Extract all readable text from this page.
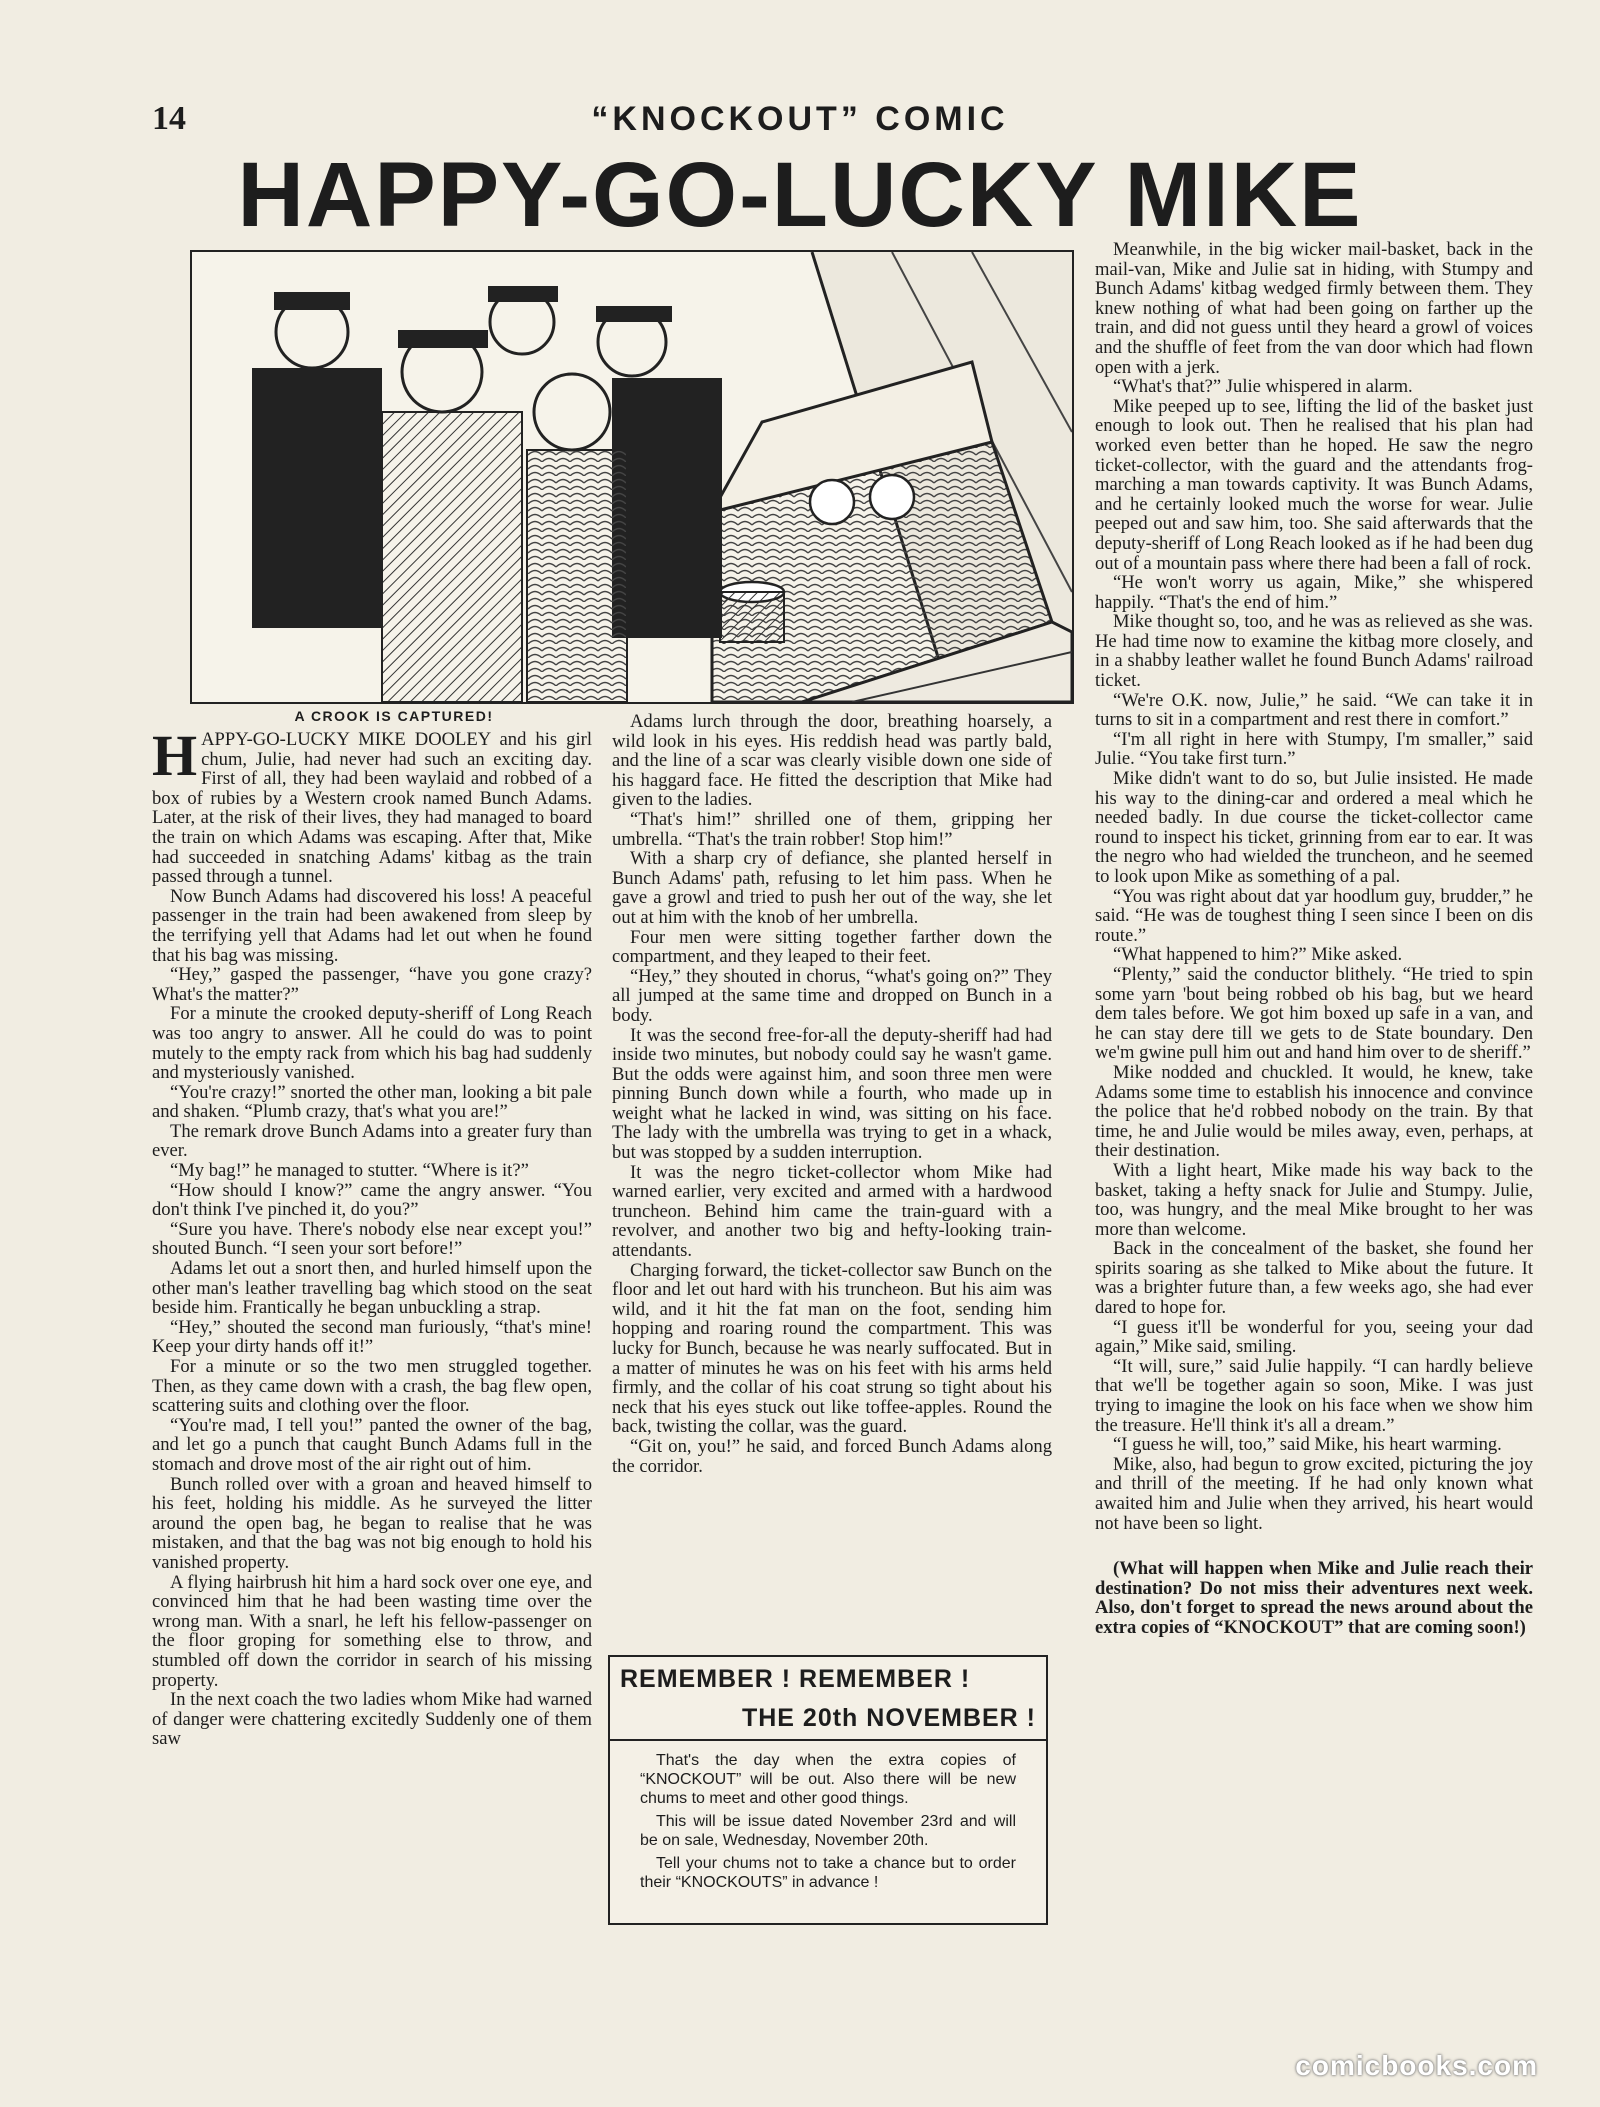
14	“KNOCKOUT” COMIC
HAPPY-GO-LUCKY MIKE
A CROOK IS CAPTURED!

HAPPY-GO-LUCKY MIKE DOOLEY and his girl chum, Julie, had never had such an exciting day. First of all, they had been waylaid and robbed of a box of rubies by a Western crook named Bunch Adams. Later, at the risk of their lives, they had managed to board the train on which Adams was escaping. After that, Mike had succeeded in snatching Adams' kitbag as the train passed through a tunnel.

Now Bunch Adams had discovered his loss! A peaceful passenger in the train had been awakened from sleep by the terrifying yell that Adams had let out when he found that his bag was missing.

“Hey,” gasped the passenger, “have you gone crazy? What's the matter?”

For a minute the crooked deputy-sheriff of Long Reach was too angry to answer. All he could do was to point mutely to the empty rack from which his bag had suddenly and mysteriously vanished.

“You're crazy!” snorted the other man, looking a bit pale and shaken. “Plumb crazy, that's what you are!”

The remark drove Bunch Adams into a greater fury than ever.

“My bag!” he managed to stutter. “Where is it?”

“How should I know?” came the angry answer. “You don't think I've pinched it, do you?”

“Sure you have. There's nobody else near except you!” shouted Bunch. “I seen your sort before!”

Adams let out a snort then, and hurled himself upon the other man's leather travelling bag which stood on the seat beside him. Frantically he began unbuckling a strap.

“Hey,” shouted the second man furiously, “that's mine! Keep your dirty hands off it!”

For a minute or so the two men struggled together. Then, as they came down with a crash, the bag flew open, scattering suits and clothing over the floor.

“You're mad, I tell you!” panted the owner of the bag, and let go a punch that caught Bunch Adams full in the stomach and drove most of the air right out of him.

Bunch rolled over with a groan and heaved himself to his feet, holding his middle. As he surveyed the litter around the open bag, he began to realise that he was mistaken, and that the bag was not big enough to hold his vanished property.

A flying hairbrush hit him a hard sock over one eye, and convinced him that he had been wasting time over the wrong man. With a snarl, he left his fellow-passenger on the floor groping for something else to throw, and stumbled off down the corridor in search of his missing property.

In the next coach the two ladies whom Mike had warned of danger were chattering excitedly Suddenly one of them saw

Adams lurch through the door, breathing hoarsely, a wild look in his eyes. His reddish head was partly bald, and the line of a scar was clearly visible down one side of his haggard face. He fitted the description that Mike had given to the ladies.

“That's him!” shrilled one of them, gripping her umbrella. “That's the train robber! Stop him!”

With a sharp cry of defiance, she planted herself in Bunch Adams' path, refusing to let him pass. When he gave a growl and tried to push her out of the way, she let out at him with the knob of her umbrella.

Four men were sitting together farther down the compartment, and they leaped to their feet.

“Hey,” they shouted in chorus, “what's going on?” They all jumped at the same time and dropped on Bunch in a body.

It was the second free-for-all the deputy-sheriff had had inside two minutes, but nobody could say he wasn't game. But the odds were against him, and soon three men were pinning Bunch down while a fourth, who made up in weight what he lacked in wind, was sitting on his face. The lady with the umbrella was trying to get in a whack, but was stopped by a sudden interruption.

It was the negro ticket-collector whom Mike had warned earlier, very excited and armed with a hardwood truncheon. Behind him came the train-guard with a revolver, and another two big and hefty-looking train-attendants.

Charging forward, the ticket-collector saw Bunch on the floor and let out hard with his truncheon. But his aim was wild, and it hit the fat man on the foot, sending him hopping and roaring round the compartment. This was lucky for Bunch, because he was nearly suffocated. But in a matter of minutes he was on his feet with his arms held firmly, and the collar of his coat strung so tight about his neck that his eyes stuck out like toffee-apples. Round the back, twisting the collar, was the guard.

“Git on, you!” he said, and forced Bunch Adams along the corridor.

Meanwhile, in the big wicker mail-basket, back in the mail-van, Mike and Julie sat in hiding, with Stumpy and Bunch Adams' kitbag wedged firmly between them. They knew nothing of what had been going on farther up the train, and did not guess until they heard a growl of voices and the shuffle of feet from the van door which had flown open with a jerk.

“What's that?” Julie whispered in alarm.

Mike peeped up to see, lifting the lid of the basket just enough to look out. Then he realised that his plan had worked even better than he hoped. He saw the negro ticket-collector, with the guard and the attendants frog-marching a man towards captivity. It was Bunch Adams, and he certainly looked much the worse for wear. Julie peeped out and saw him, too. She said afterwards that the deputy-sheriff of Long Reach looked as if he had been dug out of a mountain pass where there had been a fall of rock.

“He won't worry us again, Mike,” she whispered happily. “That's the end of him.”

Mike thought so, too, and he was as relieved as she was. He had time now to examine the kitbag more closely, and in a shabby leather wallet he found Bunch Adams' railroad ticket.

“We're O.K. now, Julie,” he said. “We can take it in turns to sit in a compartment and rest there in comfort.”

“I'm all right in here with Stumpy, I'm smaller,” said Julie. “You take first turn.”

Mike didn't want to do so, but Julie insisted. He made his way to the dining-car and ordered a meal which he needed badly. In due course the ticket-collector came round to inspect his ticket, grinning from ear to ear. It was the negro who had wielded the truncheon, and he seemed to look upon Mike as something of a pal.

“You was right about dat yar hoodlum guy, brudder,” he said. “He was de toughest thing I seen since I been on dis route.”

“What happened to him?” Mike asked.

“Plenty,” said the conductor blithely. “He tried to spin some yarn 'bout being robbed ob his bag, but we heard dem tales before. We got him boxed up safe in a van, and he can stay dere till we gets to de State boundary. Den we'm gwine pull him out and hand him over to de sheriff.”

Mike nodded and chuckled. It would, he knew, take Adams some time to establish his innocence and convince the police that he'd robbed nobody on the train. By that time, he and Julie would be miles away, even, perhaps, at their destination.

With a light heart, Mike made his way back to the basket, taking a hefty snack for Julie and Stumpy. Julie, too, was hungry, and the meal Mike brought to her was more than welcome.

Back in the concealment of the basket, she found her spirits soaring as she talked to Mike about the future. It was a brighter future than, a few weeks ago, she had ever dared to hope for.

“I guess it'll be wonderful for you, seeing your dad again,” Mike said, smiling.

“It will, sure,” said Julie happily. “I can hardly believe that we'll be together again so soon, Mike. I was just trying to imagine the look on his face when we show him the treasure. He'll think it's all a dream.”

“I guess he will, too,” said Mike, his heart warming.

Mike, also, had begun to grow excited, picturing the joy and thrill of the meeting. If he had only known what awaited him and Julie when they arrived, his heart would not have been so light.

(What will happen when Mike and Julie reach their destination? Do not miss their adventures next week. Also, don't forget to spread the news around about the extra copies of “KNOCKOUT” that are coming soon!)

REMEMBER ! REMEMBER !
THE 20th NOVEMBER !

That's the day when the extra copies of “KNOCKOUT” will be out. Also there will be new chums to meet and other good things.

This will be issue dated November 23rd and will be on sale, Wednesday, November 20th.

Tell your chums not to take a chance but to order their “KNOCKOUTS” in advance !

comicbooks.com
